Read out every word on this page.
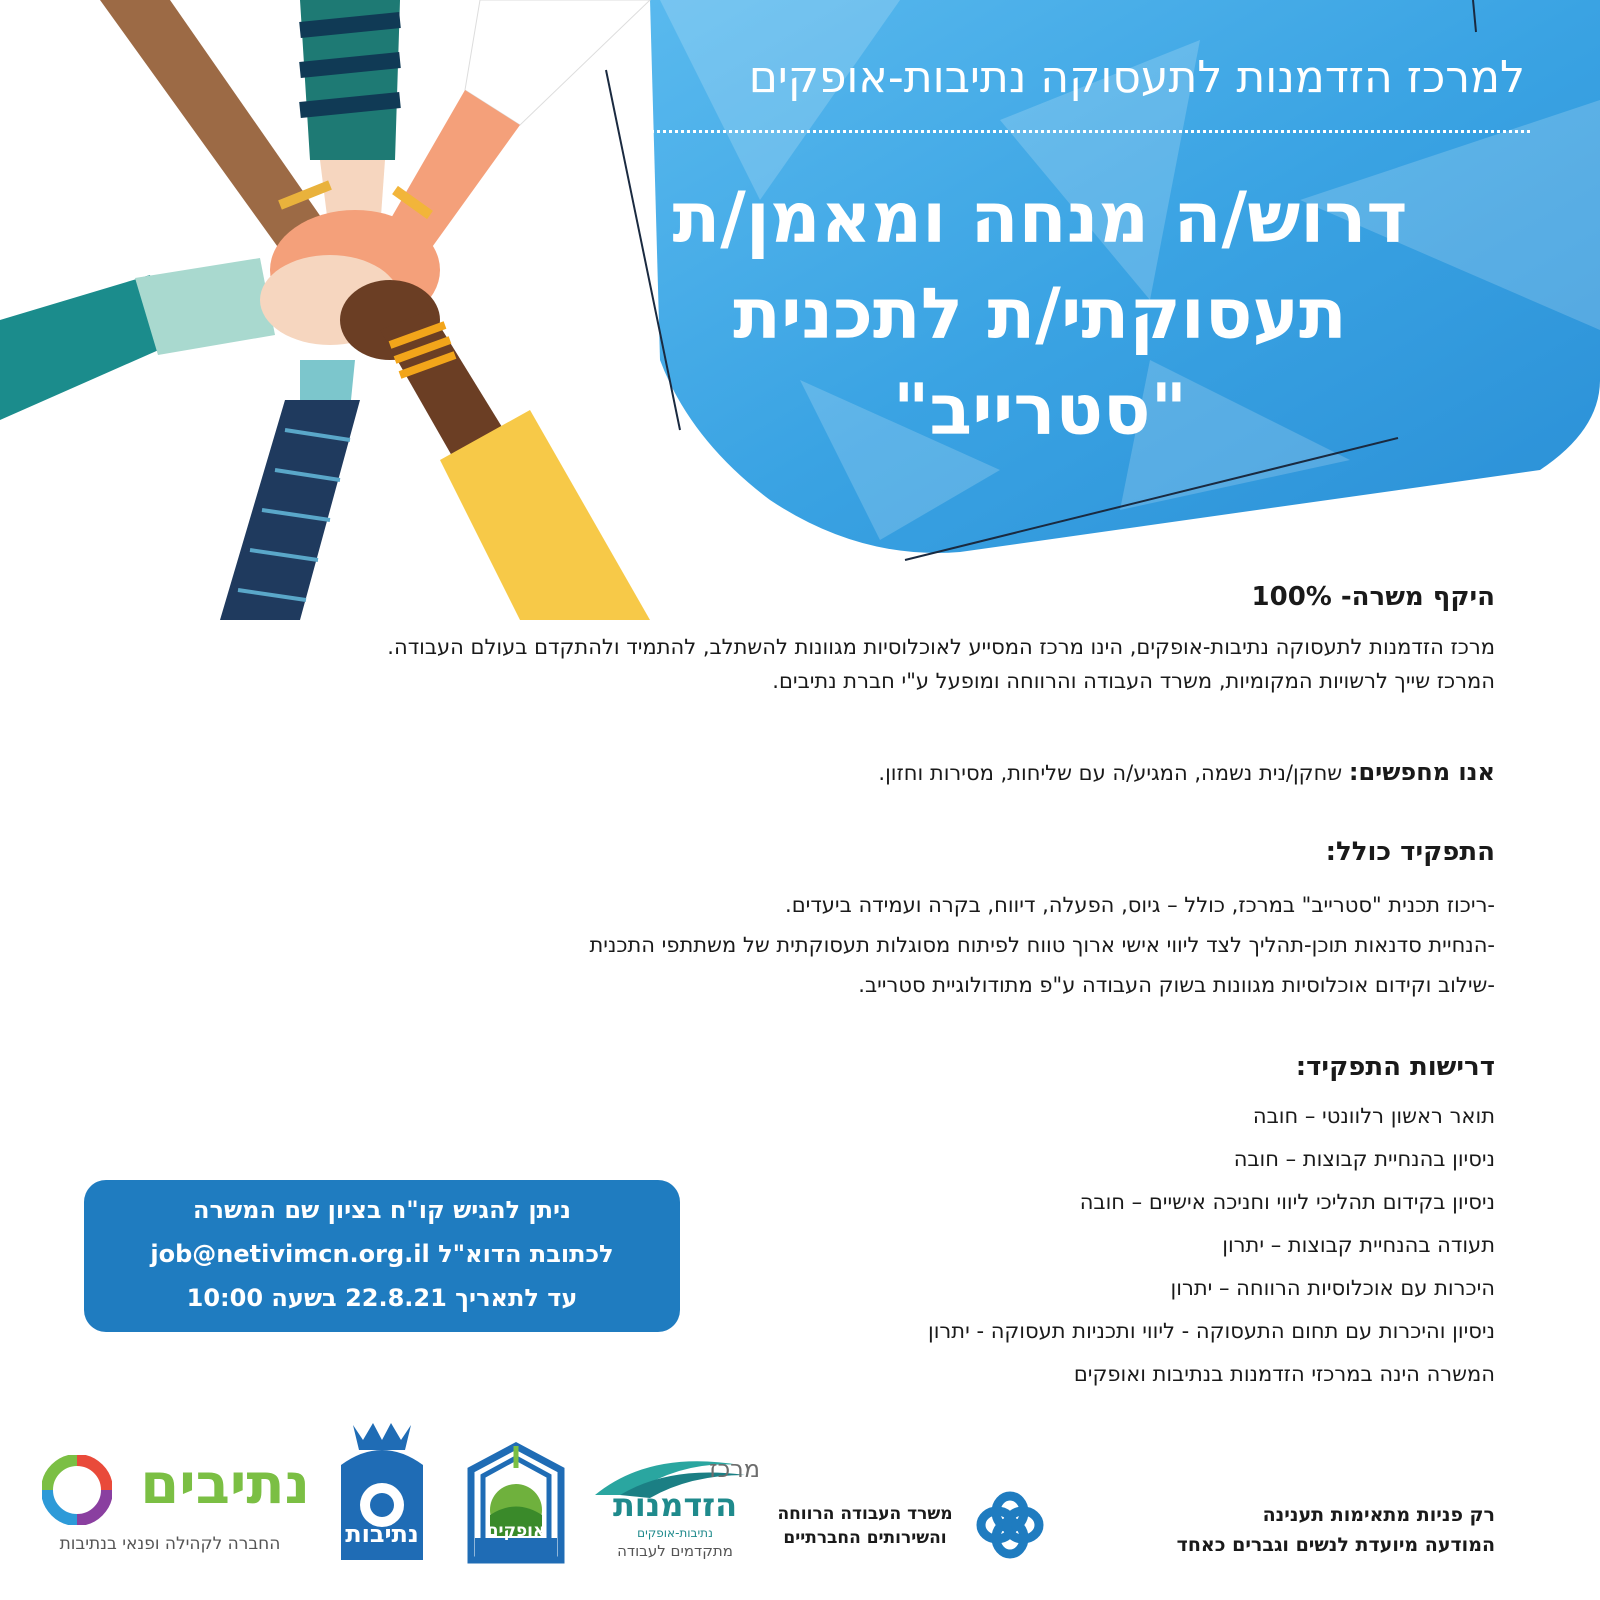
למרכז הזדמנות לתעסוקה נתיבות-אופקים
דרוש/ה מנחה ומאמן/ת
תעסוקתי/ת לתכנית
"סטרייב"
היקף משרה- 100%
מרכז הזדמנות לתעסוקה נתיבות-אופקים, הינו מרכז המסייע לאוכלוסיות מגוונות להשתלב, להתמיד ולהתקדם בעולם העבודה.
המרכז שייך לרשויות המקומיות, משרד העבודה והרווחה ומופעל ע"י חברת נתיבים.
אנו מחפשים: שחקן/נית נשמה, המגיע/ה עם שליחות, מסירות וחזון.
התפקיד כולל:
-ריכוז תכנית "סטרייב" במרכז, כולל – גיוס, הפעלה, דיווח, בקרה ועמידה ביעדים.
-הנחיית סדנאות תוכן-תהליך לצד ליווי אישי ארוך טווח לפיתוח מסוגלות תעסוקתית של משתתפי התכנית
-שילוב וקידום אוכלוסיות מגוונות בשוק העבודה ע"פ מתודולוגיית סטרייב.
דרישות התפקיד:
תואר ראשון רלוונטי – חובה
ניסיון בהנחיית קבוצות – חובה
ניסיון בקידום תהליכי ליווי וחניכה אישיים – חובה
תעודה בהנחיית קבוצות – יתרון
היכרות עם אוכלוסיות הרווחה – יתרון
ניסיון והיכרות עם תחום התעסוקה - ליווי ותכניות תעסוקה - יתרון
המשרה הינה במרכזי הזדמנות בנתיבות ואופקים
ניתן להגיש קו"ח בציון שם המשרה
לכתובת הדוא"ל job@netivimcn.org.il
עד לתאריך 22.8.21 בשעה 10:00
רק פניות מתאימות תענינה
המודעה מיועדת לנשים וגברים כאחד
משרד העבודה הרווחה
והשירותים החברתיים
מרכז
הזדמנות
נתיבות-אופקים
מתקדמים לעבודה
אופקים
נתיבות
נתיבים
החברה לקהילה ופנאי בנתיבות
